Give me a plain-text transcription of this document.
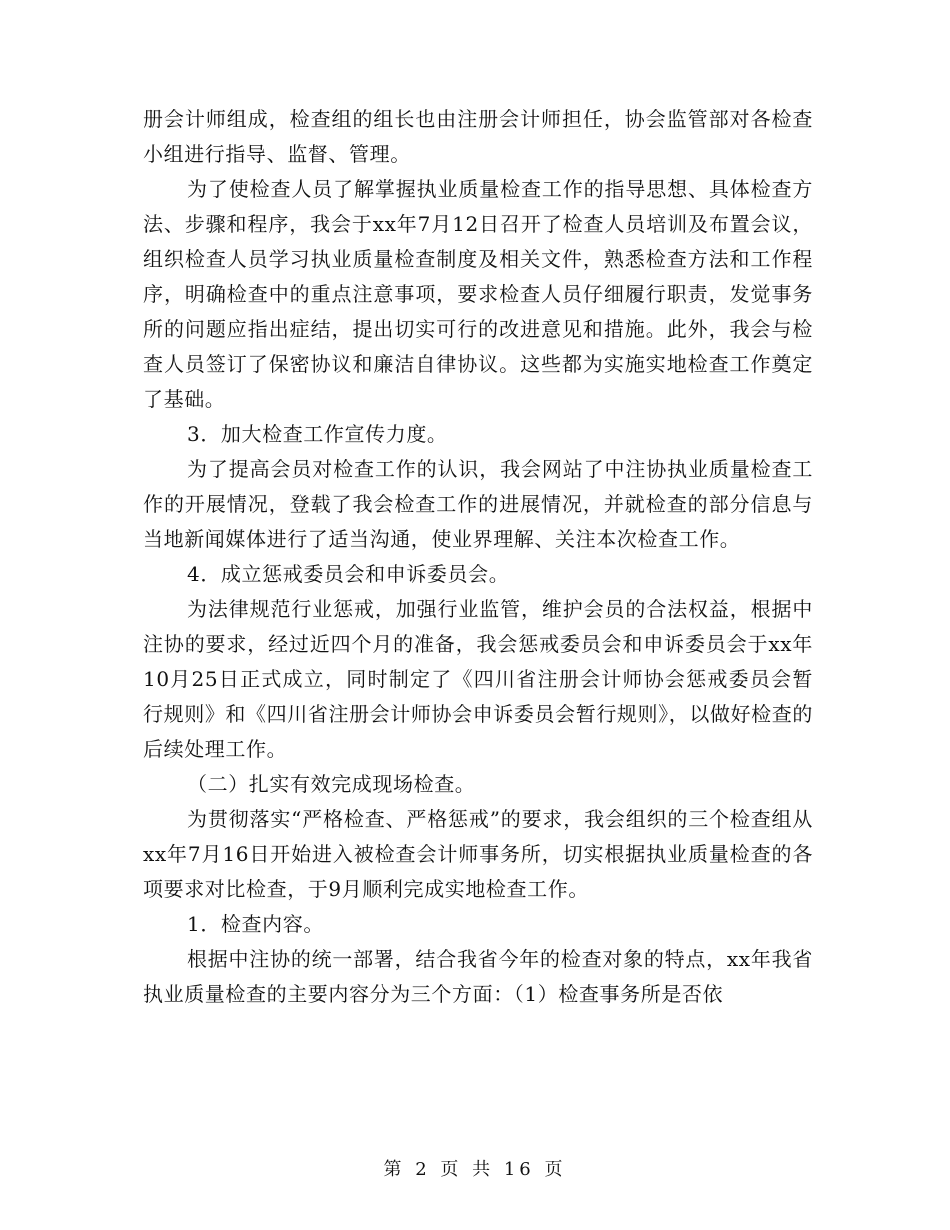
册会计师组成，检查组的组长也由注册会计师担任，协会监管部对各检查小组进行指导、监督、管理。

为了使检查人员了解掌握执业质量检查工作的指导思想、具体检查方法、步骤和程序，我会于xx年7月12日召开了检查人员培训及布置会议，组织检查人员学习执业质量检查制度及相关文件，熟悉检查方法和工作程序，明确检查中的重点注意事项，要求检查人员仔细履行职责，发觉事务所的问题应指出症结，提出切实可行的改进意见和措施。此外，我会与检查人员签订了保密协议和廉洁自律协议。这些都为实施实地检查工作奠定了基础。

3．加大检查工作宣传力度。

为了提高会员对检查工作的认识，我会网站了中注协执业质量检查工作的开展情况，登载了我会检查工作的进展情况，并就检查的部分信息与当地新闻媒体进行了适当沟通，使业界理解、关注本次检查工作。

4．成立惩戒委员会和申诉委员会。

为法律规范行业惩戒，加强行业监管，维护会员的合法权益，根据中注协的要求，经过近四个月的准备，我会惩戒委员会和申诉委员会于xx年10月25日正式成立，同时制定了《四川省注册会计师协会惩戒委员会暂行规则》和《四川省注册会计师协会申诉委员会暂行规则》，以做好检查的后续处理工作。

（二）扎实有效完成现场检查。

为贯彻落实“严格检查、严格惩戒”的要求，我会组织的三个检查组从xx年7月16日开始进入被检查会计师事务所，切实根据执业质量检查的各项要求对比检查，于9月顺利完成实地检查工作。

1．检查内容。

根据中注协的统一部署，结合我省今年的检查对象的特点，xx年我省执业质量检查的主要内容分为三个方面：（1）检查事务所是否依

第 2 页 共 16 页
